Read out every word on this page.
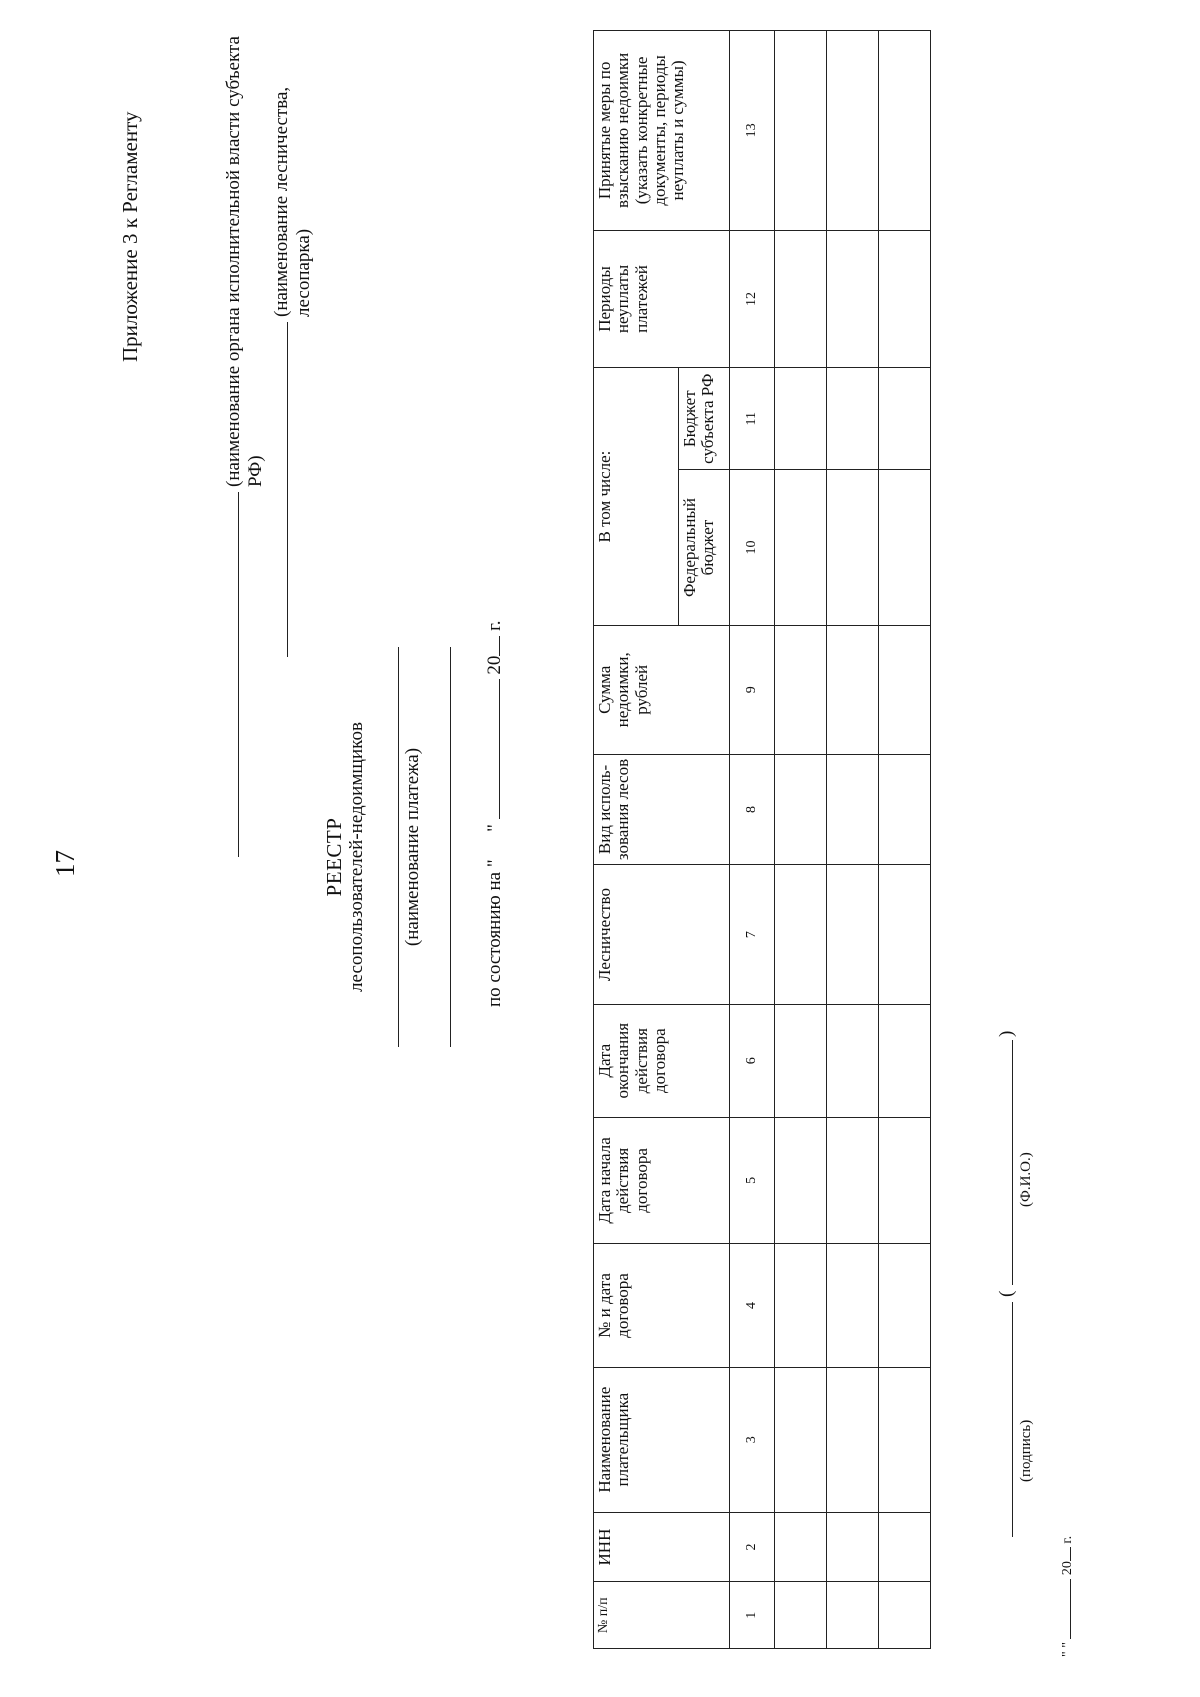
17
Приложение 3 к Регламенту	(наименование органа исполнительной власти субъекта РФ)
(наименование лесничества, лесопарка)
РЕЕСТР лесопользователей-недоимщиков (наименование платежа)	по состоянию на "  "  20 г.
№ п/п	ИНН	Наименование плательщика	№ и дата договора	Дата начала действия договора	Дата окончания действия договора	Лесничество	Вид исполь-зования лесов	Сумма недоимки, рублей	В том числе:		Периоды неуплаты платежей	Принятые меры по взысканию недоимки (указать конкретные документы, периоды неуплаты и суммы)
									Федеральный бюджет	Бюджет субъекта РФ		
1	2	3	4	5	6	7	8	9	10	11	12	13

(
)
(подпись)
(Ф.И.О.)
" "  20 г.
